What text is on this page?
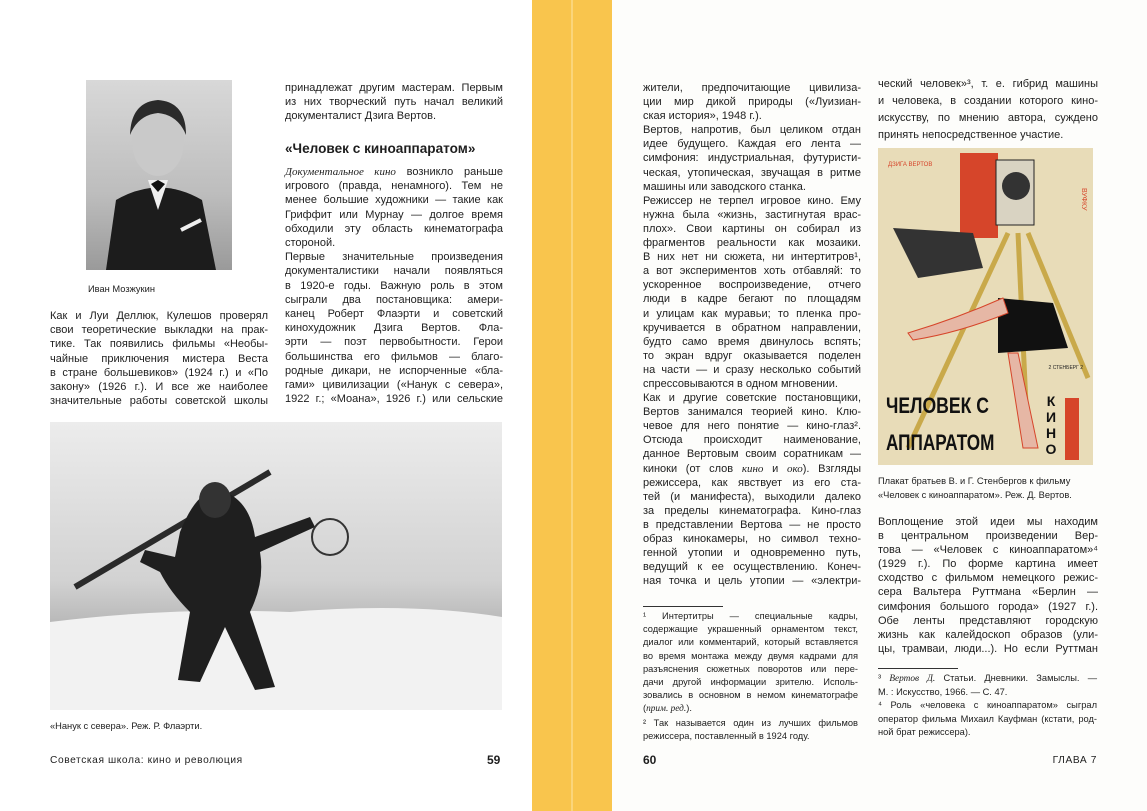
Иван Мозжукин
Как и Луи Деллюк, Кулешов проверял
свои теоретические выкладки на прак-
тике. Так появились фильмы «Необы-
чайные приключения мистера Веста
в стране большевиков» (1924 г.) и «По
закону» (1926 г.). И все же наиболее
значительные работы советской школы
принадлежат другим мастерам. Первым
из них творческий путь начал великий
документалист Дзига Вертов.
«Человек с киноаппаратом»
Документальное кино возникло раньше
игрового (правда, ненамного). Тем не
менее большие художники — такие как
Гриффит или Мурнау — долгое время
обходили эту область кинематографа
стороной.
Первые значительные произведения
документалистики начали появляться
в 1920-е годы. Важную роль в этом
сыграли два постановщика: амери-
канец Роберт Флаэрти и советский
кинохудожник Дзига Вертов. Фла-
эрти — поэт первобытности. Герои
большинства его фильмов — благо-
родные дикари, не испорченные «бла-
гами» цивилизации («Нанук с севера»,
1922 г.; «Моана», 1926 г.) или сельские
«Нанук с севера». Реж. Р. Флаэрти.
Советская школа: кино и революция	59
жители, предпочитающие цивилиза-
ции мир дикой природы («Луизиан-
ская история», 1948 г.).
Вертов, напротив, был целиком отдан
идее будущего. Каждая его лента —
симфония: индустриальная, футуристи-
ческая, утопическая, звучащая в ритме
машины или заводского станка.
Режиссер не терпел игровое кино. Ему
нужна была «жизнь, застигнутая врас-
плох». Свои картины он собирал из
фрагментов реальности как мозаики.
В них нет ни сюжета, ни интертитров¹,
а вот экспериментов хоть отбавляй: то
ускоренное воспроизведение, отчего
люди в кадре бегают по площадям
и улицам как муравьи; то пленка про-
кручивается в обратном направлении,
будто само время двинулось вспять;
то экран вдруг оказывается поделен
на части — и сразу несколько событий
спрессовываются в одном мгновении.
Как и другие советские постановщики,
Вертов занимался теорией кино. Клю-
чевое для него понятие — кино-глаз².
Отсюда происходит наименование,
данное Вертовым своим соратникам —
киноки (от слов кино и око). Взгляды
режиссера, как явствует из его ста-
тей (и манифеста), выходили далеко
за пределы кинематографа. Кино-глаз
в представлении Вертова — не просто
образ кинокамеры, но символ техно-
генной утопии и одновременно путь,
ведущий к ее осуществлению. Конеч-
ная точка и цель утопии — «электри-
¹ Интертитры — специальные кадры,
содержащие украшенный орнаментом текст,
диалог или комментарий, который вставляется
во время монтажа между двумя кадрами для
разъяснения сюжетных поворотов или пере-
дачи другой информации зрителю. Исполь-
зовались в основном в немом кинематографе
(прим. ред.).
² Так называется один из лучших фильмов
режиссера, поставленный в 1924 году.
ческий человек»³, т. е. гибрид машины
и человека, в создании которого кино-
искусству, по мнению автора, суждено
принять непосредственное участие.
ДЗИГА ВЕРТОВ
ВУФКУ
2 СТЕНБЕРГ 2
ЧЕЛОВЕК С
АППАРАТОМ	КИНО
Плакат братьев В. и Г. Стенбергов к фильму
«Человек с киноаппаратом». Реж. Д. Вертов.
Воплощение этой идеи мы находим
в центральном произведении Вер-
това — «Человек с киноаппаратом»⁴
(1929 г.). По форме картина имеет
сходство с фильмом немецкого режис-
сера Вальтера Руттмана «Берлин —
симфония большого города» (1927 г.).
Обе ленты представляют городскую
жизнь как калейдоскоп образов (ули-
цы, трамваи, люди...). Но если Руттман
³ Вертов Д. Статьи. Дневники. Замыслы. —
М. : Искусство, 1966. — С. 47.
⁴ Роль «человека с киноаппаратом» сыграл
оператор фильма Михаил Кауфман (кстати, род-
ной брат режиссера).
60	ГЛАВА 7
